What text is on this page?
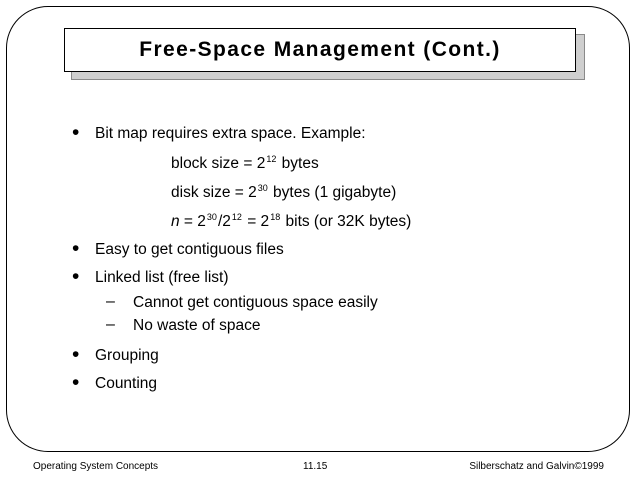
Free-Space Management (Cont.)
• Bit map requires extra space. Example:
block size = $2^{12}$ bytes
disk size = $2^{30}$ bytes (1 gigabyte)
$n = 2^{30}/2^{12} = 2^{18}$ bits (or 32K bytes)
• Easy to get contiguous files
• Linked list (free list)
– Cannot get contiguous space easily
– No waste of space
• Grouping
• Counting
Operating System Concepts	11.15	Silberschatz and Galvin©1999
